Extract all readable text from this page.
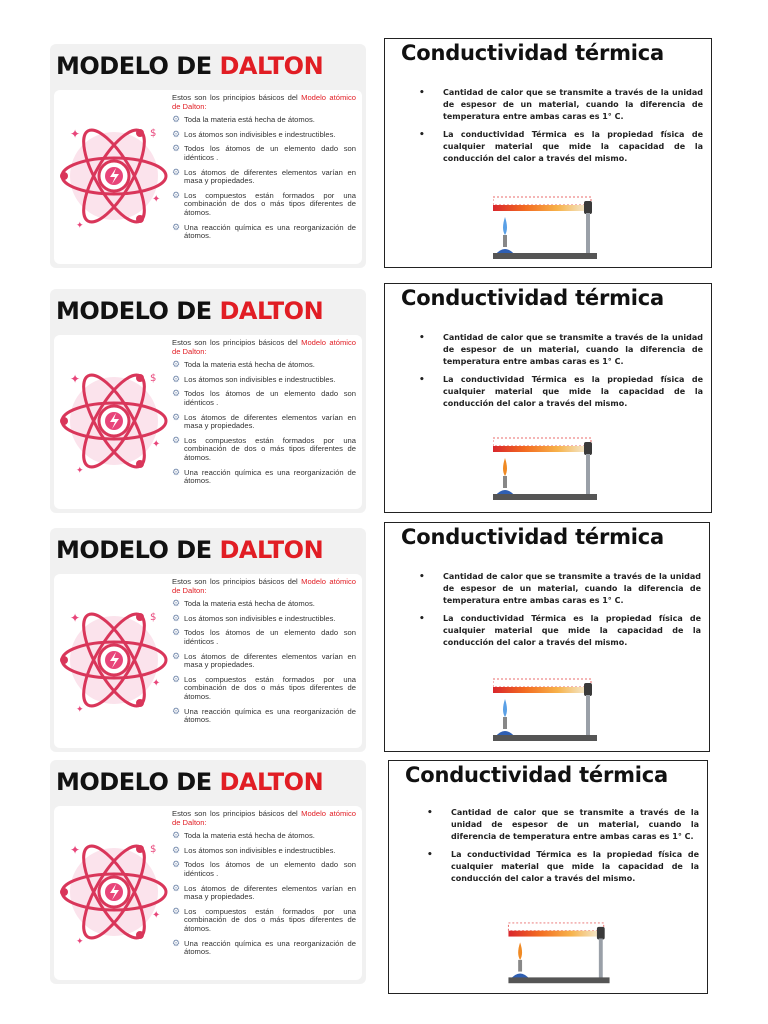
MODELO DE DALTON
✦
✦
✦
$

Estos son los principios básicos del Modelo atómico de Dalton:

⚙ Toda la materia está hecha de átomos.
⚙ Los átomos son indivisibles e indestructibles.
⚙ Todos los átomos de un elemento dado son idénticos .
⚙ Los átomos de diferentes elementos varían en masa y propiedades.
⚙ Los compuestos están formados por una combinación de dos o más tipos diferentes de átomos.
⚙ Una reacción química es una reorganización de átomos.
Conductividad térmica
• Cantidad de calor que se transmite a través de la unidad de espesor de un material, cuando la diferencia de temperatura entre ambas caras es 1° C.
• La conductividad Térmica es la propiedad física de cualquier material que mide la capacidad de la conducción del calor a través del mismo.
MODELO DE DALTON
✦
✦
✦
$

Estos son los principios básicos del Modelo atómico de Dalton:

⚙ Toda la materia está hecha de átomos.
⚙ Los átomos son indivisibles e indestructibles.
⚙ Todos los átomos de un elemento dado son idénticos .
⚙ Los átomos de diferentes elementos varían en masa y propiedades.
⚙ Los compuestos están formados por una combinación de dos o más tipos diferentes de átomos.
⚙ Una reacción química es una reorganización de átomos.
Conductividad térmica
• Cantidad de calor que se transmite a través de la unidad de espesor de un material, cuando la diferencia de temperatura entre ambas caras es 1° C.
• La conductividad Térmica es la propiedad física de cualquier material que mide la capacidad de la conducción del calor a través del mismo.
MODELO DE DALTON
✦
✦
✦
$

Estos son los principios básicos del Modelo atómico de Dalton:

⚙ Toda la materia está hecha de átomos.
⚙ Los átomos son indivisibles e indestructibles.
⚙ Todos los átomos de un elemento dado son idénticos .
⚙ Los átomos de diferentes elementos varían en masa y propiedades.
⚙ Los compuestos están formados por una combinación de dos o más tipos diferentes de átomos.
⚙ Una reacción química es una reorganización de átomos.
Conductividad térmica
• Cantidad de calor que se transmite a través de la unidad de espesor de un material, cuando la diferencia de temperatura entre ambas caras es 1° C.
• La conductividad Térmica es la propiedad física de cualquier material que mide la capacidad de la conducción del calor a través del mismo.
MODELO DE DALTON
✦
✦
✦
$

Estos son los principios básicos del Modelo atómico de Dalton:

⚙ Toda la materia está hecha de átomos.
⚙ Los átomos son indivisibles e indestructibles.
⚙ Todos los átomos de un elemento dado son idénticos .
⚙ Los átomos de diferentes elementos varían en masa y propiedades.
⚙ Los compuestos están formados por una combinación de dos o más tipos diferentes de átomos.
⚙ Una reacción química es una reorganización de átomos.
Conductividad térmica
• Cantidad de calor que se transmite a través de la unidad de espesor de un material, cuando la diferencia de temperatura entre ambas caras es 1° C.
• La conductividad Térmica es la propiedad física de cualquier material que mide la capacidad de la conducción del calor a través del mismo.
